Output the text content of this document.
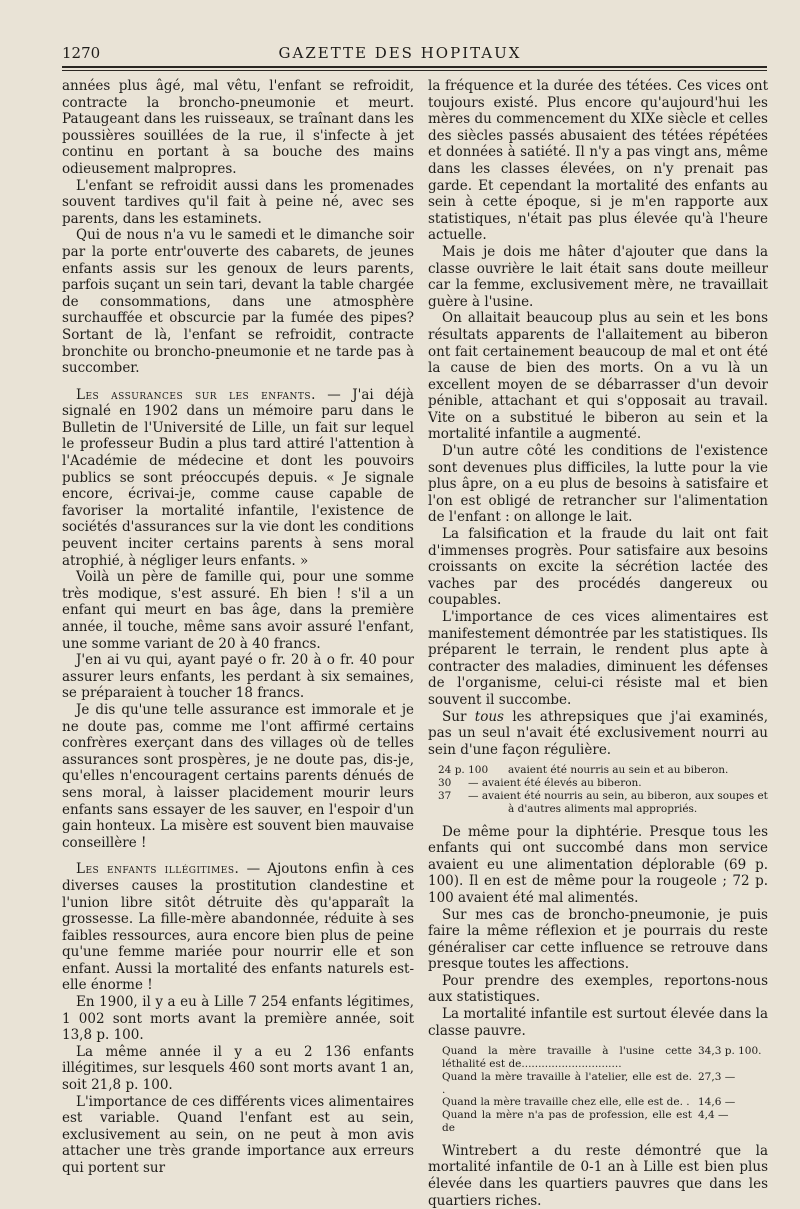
1270	GAZETTE DES HOPITAUX

années plus âgé, mal vêtu, l'enfant se refroidit, contracte la broncho-pneumonie et meurt. Pataugeant dans les ruisseaux, se traînant dans les poussières souillées de la rue, il s'infecte à jet continu en portant à sa bouche des mains odieusement malpropres.

L'enfant se refroidit aussi dans les promenades souvent tardives qu'il fait à peine né, avec ses parents, dans les estaminets.

Qui de nous n'a vu le samedi et le dimanche soir par la porte entr'ouverte des cabarets, de jeunes enfants assis sur les genoux de leurs parents, parfois suçant un sein tari, devant la table chargée de consommations, dans une atmosphère surchauffée et obscurcie par la fumée des pipes? Sortant de là, l'enfant se refroidit, contracte bronchite ou broncho-pneumonie et ne tarde pas à succomber.

Les assurances sur les enfants. — J'ai déjà signalé en 1902 dans un mémoire paru dans le Bulletin de l'Université de Lille, un fait sur lequel le professeur Budin a plus tard attiré l'attention à l'Académie de médecine et dont les pouvoirs publics se sont préoccupés depuis. « Je signale encore, écrivai-je, comme cause capable de favoriser la mortalité infantile, l'existence de sociétés d'assurances sur la vie dont les conditions peuvent inciter certains parents à sens moral atrophié, à négliger leurs enfants. »

Voilà un père de famille qui, pour une somme très modique, s'est assuré. Eh bien ! s'il a un enfant qui meurt en bas âge, dans la première année, il touche, même sans avoir assuré l'enfant, une somme variant de 20 à 40 francs.

J'en ai vu qui, ayant payé o fr. 20 à o fr. 40 pour assurer leurs enfants, les perdant à six semaines, se préparaient à toucher 18 francs.

Je dis qu'une telle assurance est immorale et je ne doute pas, comme me l'ont affirmé certains confrères exerçant dans des villages où de telles assurances sont prospères, je ne doute pas, dis-je, qu'elles n'encouragent certains parents dénués de sens moral, à laisser placidement mourir leurs enfants sans essayer de les sauver, en l'espoir d'un gain honteux. La misère est souvent bien mauvaise conseillère !

Les enfants illégitimes. — Ajoutons enfin à ces diverses causes la prostitution clandestine et l'union libre sitôt détruite dès qu'apparaît la grossesse. La fille-mère abandonnée, réduite à ses faibles ressources, aura encore bien plus de peine qu'une femme mariée pour nourrir elle et son enfant. Aussi la mortalité des enfants naturels est-elle énorme !

En 1900, il y a eu à Lille 7 254 enfants légitimes, 1 002 sont morts avant la première année, soit 13,8 p. 100.

La même année il y a eu 2 136 enfants illégitimes, sur lesquels 460 sont morts avant 1 an, soit 21,8 p. 100.

L'importance de ces différents vices alimentaires est variable. Quand l'enfant est au sein, exclusivement au sein, on ne peut à mon avis attacher une très grande importance aux erreurs qui portent sur

la fréquence et la durée des tétées. Ces vices ont toujours existé. Plus encore qu'aujourd'hui les mères du commencement du XIXe siècle et celles des siècles passés abusaient des tétées répétées et données à satiété. Il n'y a pas vingt ans, même dans les classes élevées, on n'y prenait pas garde. Et cependant la mortalité des enfants au sein à cette époque, si je m'en rapporte aux statistiques, n'était pas plus élevée qu'à l'heure actuelle.

Mais je dois me hâter d'ajouter que dans la classe ouvrière le lait était sans doute meilleur car la femme, exclusivement mère, ne travaillait guère à l'usine.

On allaitait beaucoup plus au sein et les bons résultats apparents de l'allaitement au biberon ont fait certainement beaucoup de mal et ont été la cause de bien des morts. On a vu là un excellent moyen de se débarrasser d'un devoir pénible, attachant et qui s'opposait au travail. Vite on a substitué le biberon au sein et la mortalité infantile a augmenté.

D'un autre côté les conditions de l'existence sont devenues plus difficiles, la lutte pour la vie plus âpre, on a eu plus de besoins à satisfaire et l'on est obligé de retrancher sur l'alimentation de l'enfant : on allonge le lait.

La falsification et la fraude du lait ont fait d'immenses progrès. Pour satisfaire aux besoins croissants on excite la sécrétion lactée des vaches par des procédés dangereux ou coupables.

L'importance de ces vices alimentaires est manifestement démontrée par les statistiques. Ils préparent le terrain, le rendent plus apte à contracter des maladies, diminuent les défenses de l'organisme, celui-ci résiste mal et bien souvent il succombe.

Sur tous les athrepsiques que j'ai examinés, pas un seul n'avait été exclusivement nourri au sein d'une façon régulière.

24 p. 100	avaient été nourris au sein et au biberon.
30	— avaient été élevés au biberon.
37	— avaient été nourris au sein, au biberon, aux soupes et
à d'autres aliments mal appropriés.

De même pour la diphtérie. Presque tous les enfants qui ont succombé dans mon service avaient eu une alimentation déplorable (69 p. 100). Il en est de même pour la rougeole ; 72 p. 100 avaient été mal alimentés.

Sur mes cas de broncho-pneumonie, je puis faire la même réflexion et je pourrais du reste généraliser car cette influence se retrouve dans presque toutes les affections.

Pour prendre des exemples, reportons-nous aux statistiques.

La mortalité infantile est surtout élevée dans la classe pauvre.

Quand la mère travaille à l'usine cette léthalité est de..............................
34,3 p. 100.
Quand la mère travaille à l'atelier, elle est de. .
27,3 —
Quand la mère travaille chez elle, elle est de. . 14,6 —
Quand la mère n'a pas de profession, elle est de
4,4 —

Wintrebert a du reste démontré que la mortalité infantile de 0-1 an à Lille est bien plus élevée dans les quartiers pauvres que dans les quartiers riches.
